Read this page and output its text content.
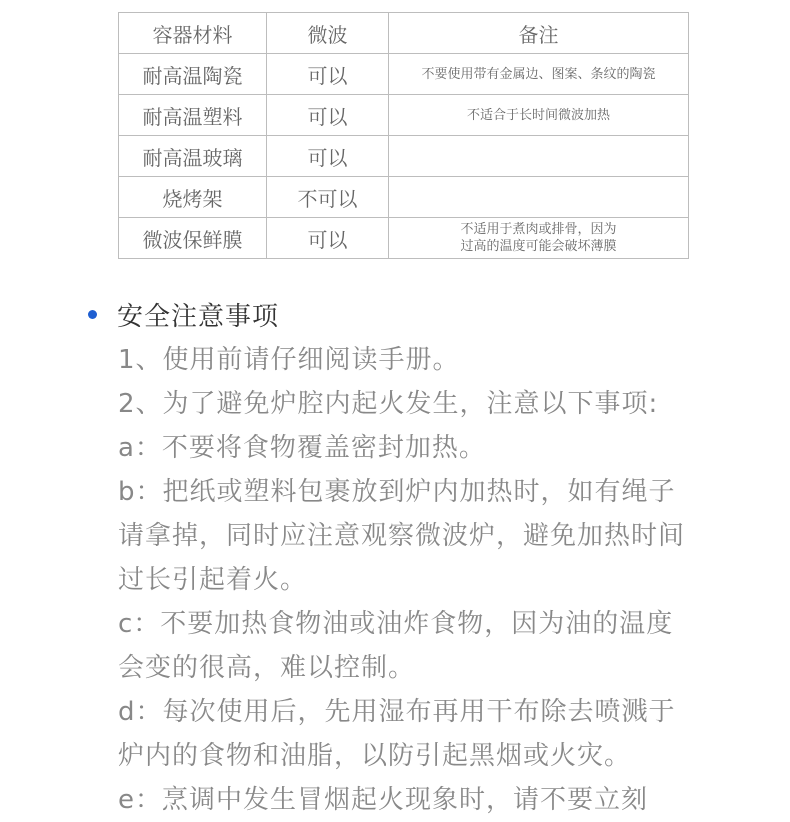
容器材料	微波	备注
耐高温陶瓷	可以	不要使用带有金属边、图案、条纹的陶瓷
耐高温塑料	可以	不适合于长时间微波加热
耐高温玻璃	可以	
烧烤架	不可以	
微波保鲜膜	可以	不适用于煮肉或排骨，因为
过高的温度可能会破坏薄膜
安全注意事项

1、使用前请仔细阅读手册。

2、为了避免炉腔内起火发生，注意以下事项:

a：不要将食物覆盖密封加热。

b：把纸或塑料包裹放到炉内加热时，如有绳子请拿掉，同时应注意观察微波炉，避免加热时间过长引起着火。

c：不要加热食物油或油炸食物，因为油的温度会变的很高，难以控制。

d：每次使用后，先用湿布再用干布除去喷溅于炉内的食物和油脂，以防引起黑烟或火灾。

e：烹调中发生冒烟起火现象时，请不要立刻
